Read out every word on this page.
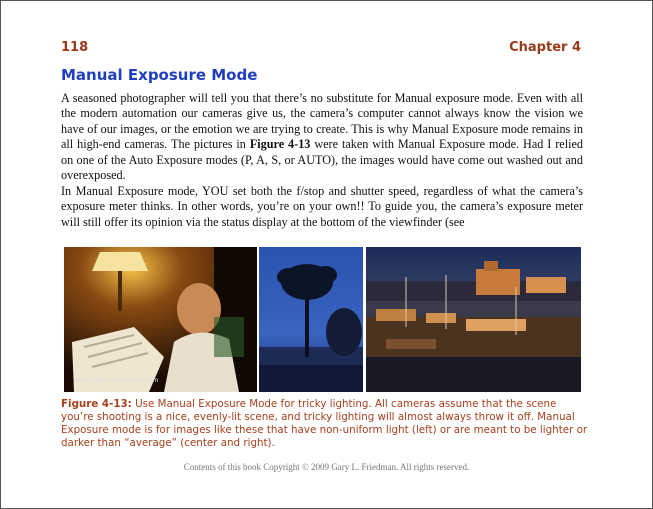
118	Chapter 4
Manual Exposure Mode

A seasoned photographer will tell you that there’s no substitute for Manual exposure mode. Even with all the modern automation our cameras give us, the camera’s computer cannot always know the vision we have of our images, or the emotion we are trying to create. This is why Manual Exposure mode remains in all high-end cameras. The pictures in Figure 4-13 were taken with Manual Exposure mode. Had I relied on one of the Auto Exposure modes (P, A, S, or AUTO), the images would have come out washed out and overexposed.

In Manual Exposure mode, YOU set both the f/stop and shutter speed, regardless of what the camera’s exposure meter thinks. In other words, you’re on your own!! To guide you, the camera’s exposure meter will still offer its opinion via the status display at the bottom of the viewfinder (see

www.FriedmanArchives.com

Figure 4-13: Use Manual Exposure Mode for tricky lighting. All cameras assume that the scene you’re shooting is a nice, evenly-lit scene, and tricky lighting will almost always throw it off. Manual Exposure mode is for images like these that have non-uniform light (left) or are meant to be lighter or darker than “average” (center and right).

Contents of this book Copyright © 2009 Gary L. Friedman. All rights reserved.
